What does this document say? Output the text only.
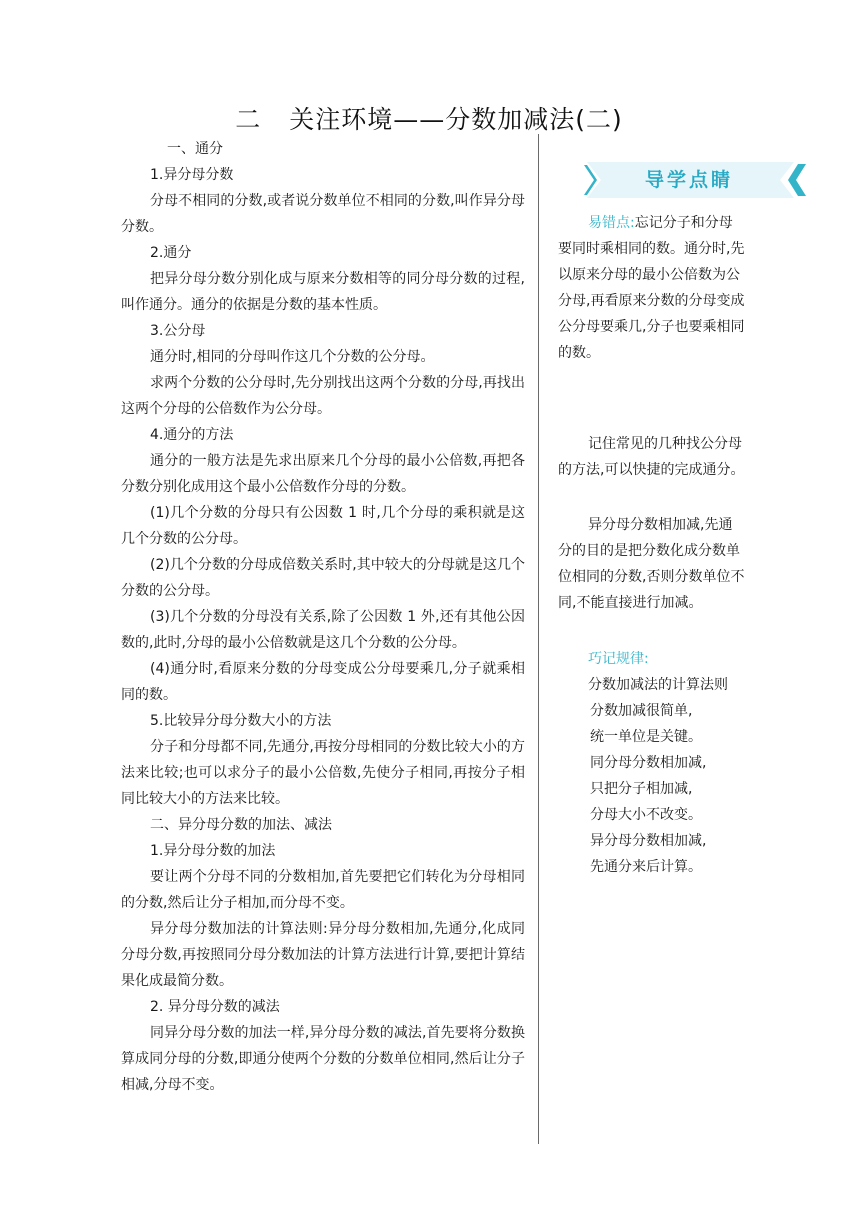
二 关注环境——分数加减法(二)

一、通分

1.异分母分数

分母不相同的分数,或者说分数单位不相同的分数,叫作异分母分数。

2.通分

把异分母分数分别化成与原来分数相等的同分母分数的过程,叫作通分。通分的依据是分数的基本性质。

3.公分母

通分时,相同的分母叫作这几个分数的公分母。

求两个分数的公分母时,先分别找出这两个分数的分母,再找出这两个分母的公倍数作为公分母。

4.通分的方法

通分的一般方法是先求出原来几个分母的最小公倍数,再把各分数分别化成用这个最小公倍数作分母的分数。

(1)几个分数的分母只有公因数 1 时,几个分母的乘积就是这几个分数的公分母。

(2)几个分数的分母成倍数关系时,其中较大的分母就是这几个分数的公分母。

(3)几个分数的分母没有关系,除了公因数 1 外,还有其他公因数的,此时,分母的最小公倍数就是这几个分数的公分母。

(4)通分时,看原来分数的分母变成公分母要乘几,分子就乘相同的数。

5.比较异分母分数大小的方法

分子和分母都不同,先通分,再按分母相同的分数比较大小的方法来比较;也可以求分子的最小公倍数,先使分子相同,再按分子相同比较大小的方法来比较。

二、异分母分数的加法、减法

1.异分母分数的加法

要让两个分母不同的分数相加,首先要把它们转化为分母相同的分数,然后让分子相加,而分母不变。

异分母分数加法的计算法则:异分母分数相加,先通分,化成同分母分数,再按照同分母分数加法的计算方法进行计算,要把计算结果化成最简分数。

2. 异分母分数的减法

同异分母分数的加法一样,异分母分数的减法,首先要将分数换算成同分母的分数,即通分使两个分数的分数单位相同,然后让分子相减,分母不变。

导学点睛

易错点:忘记分子和分母要同时乘相同的数。通分时,先以原来分母的最小公倍数为公分母,再看原来分数的分母变成公分母要乘几,分子也要乘相同的数。

记住常见的几种找公分母的方法,可以快捷的完成通分。

异分母分数相加减,先通分的目的是把分数化成分数单位相同的分数,否则分数单位不同,不能直接进行加减。

巧记规律:

分数加减法的计算法则

分数加减很简单,

统一单位是关键。

同分母分数相加减,

只把分子相加减,

分母大小不改变。

异分母分数相加减,

先通分来后计算。
